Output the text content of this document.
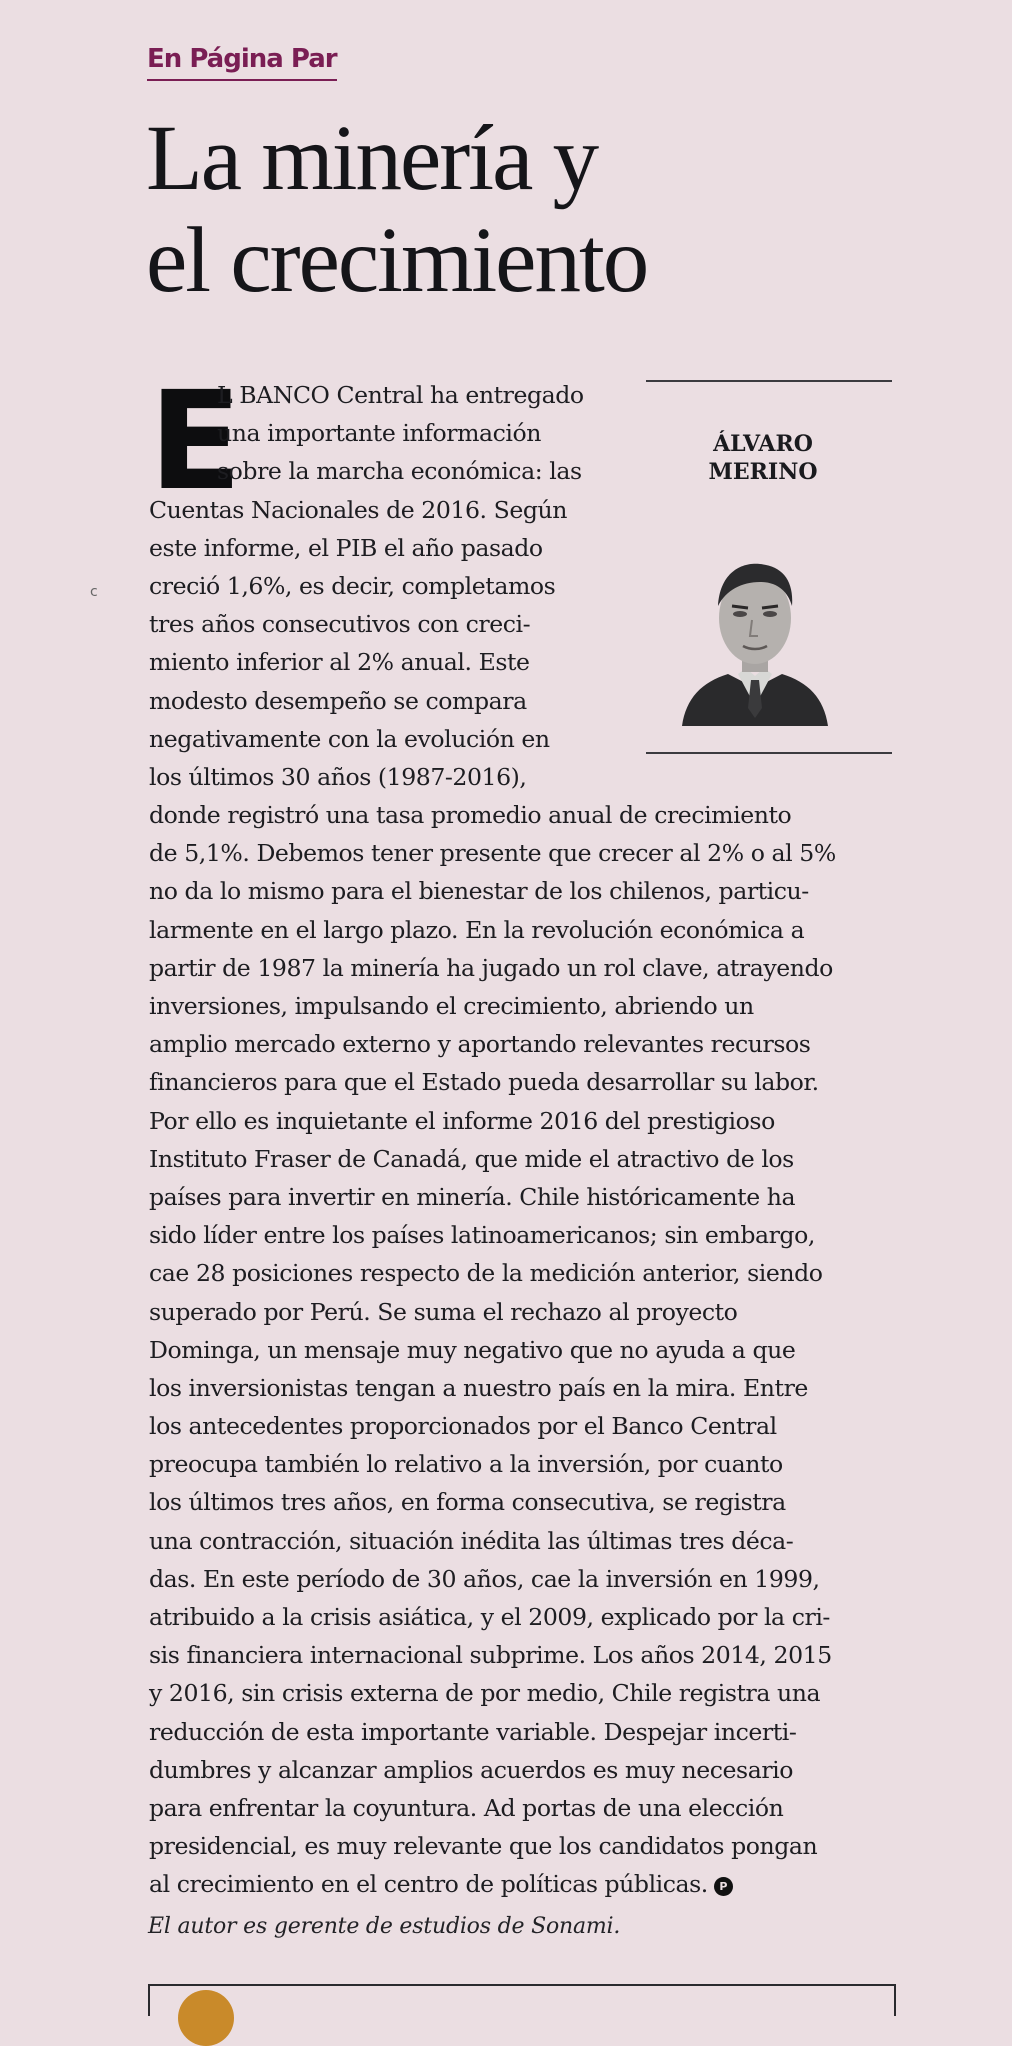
En Página Par
La minería y
el crecimiento
E	ÁLVARO
MERINO
c
L BANCO Central ha entregado
una importante información
sobre la marcha económica: las
Cuentas Nacionales de 2016. Según
este informe, el PIB el año pasado
creció 1,6%, es decir, completamos
tres años consecutivos con creci-
miento inferior al 2% anual. Este
modesto desempeño se compara
negativamente con la evolución en
los últimos 30 años (1987-2016),
donde registró una tasa promedio anual de crecimiento
de 5,1%. Debemos tener presente que crecer al 2% o al 5%
no da lo mismo para el bienestar de los chilenos, particu-
larmente en el largo plazo. En la revolución económica a
partir de 1987 la minería ha jugado un rol clave, atrayendo
inversiones, impulsando el crecimiento, abriendo un
amplio mercado externo y aportando relevantes recursos
financieros para que el Estado pueda desarrollar su labor.
Por ello es inquietante el informe 2016 del prestigioso
Instituto Fraser de Canadá, que mide el atractivo de los
países para invertir en minería. Chile históricamente ha
sido líder entre los países latinoamericanos; sin embargo,
cae 28 posiciones respecto de la medición anterior, siendo
superado por Perú. Se suma el rechazo al proyecto
Dominga, un mensaje muy negativo que no ayuda a que
los inversionistas tengan a nuestro país en la mira. Entre
los antecedentes proporcionados por el Banco Central
preocupa también lo relativo a la inversión, por cuanto
los últimos tres años, en forma consecutiva, se registra
una contracción, situación inédita las últimas tres déca-
das. En este período de 30 años, cae la inversión en 1999,
atribuido a la crisis asiática, y el 2009, explicado por la cri-
sis financiera internacional subprime. Los años 2014, 2015
y 2016, sin crisis externa de por medio, Chile registra una
reducción de esta importante variable. Despejar incerti-
dumbres y alcanzar amplios acuerdos es muy necesario
para enfrentar la coyuntura. Ad portas de una elección
presidencial, es muy relevante que los candidatos pongan
al crecimiento en el centro de políticas públicas. P
El autor es gerente de estudios de Sonami.
